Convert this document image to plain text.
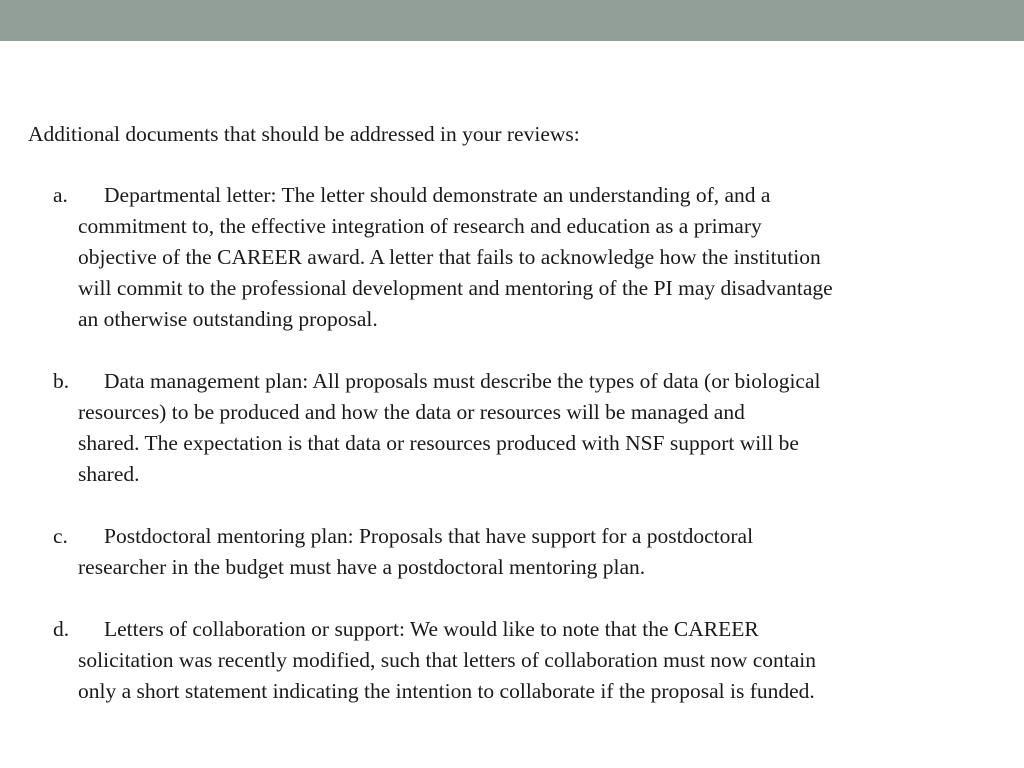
Additional documents that should be addressed in your reviews:
a. Departmental letter: The letter should demonstrate an understanding of, and a
commitment to, the effective integration of research and education as a primary
objective of the CAREER award. A letter that fails to acknowledge how the institution
will commit to the professional development and mentoring of the PI may disadvantage
an otherwise outstanding proposal.
b. Data management plan: All proposals must describe the types of data (or biological
resources) to be produced and how the data or resources will be managed and
shared. The expectation is that data or resources produced with NSF support will be
shared.
c. Postdoctoral mentoring plan: Proposals that have support for a postdoctoral
researcher in the budget must have a postdoctoral mentoring plan.
d. Letters of collaboration or support: We would like to note that the CAREER
solicitation was recently modified, such that letters of collaboration must now contain
only a short statement indicating the intention to collaborate if the proposal is funded.
